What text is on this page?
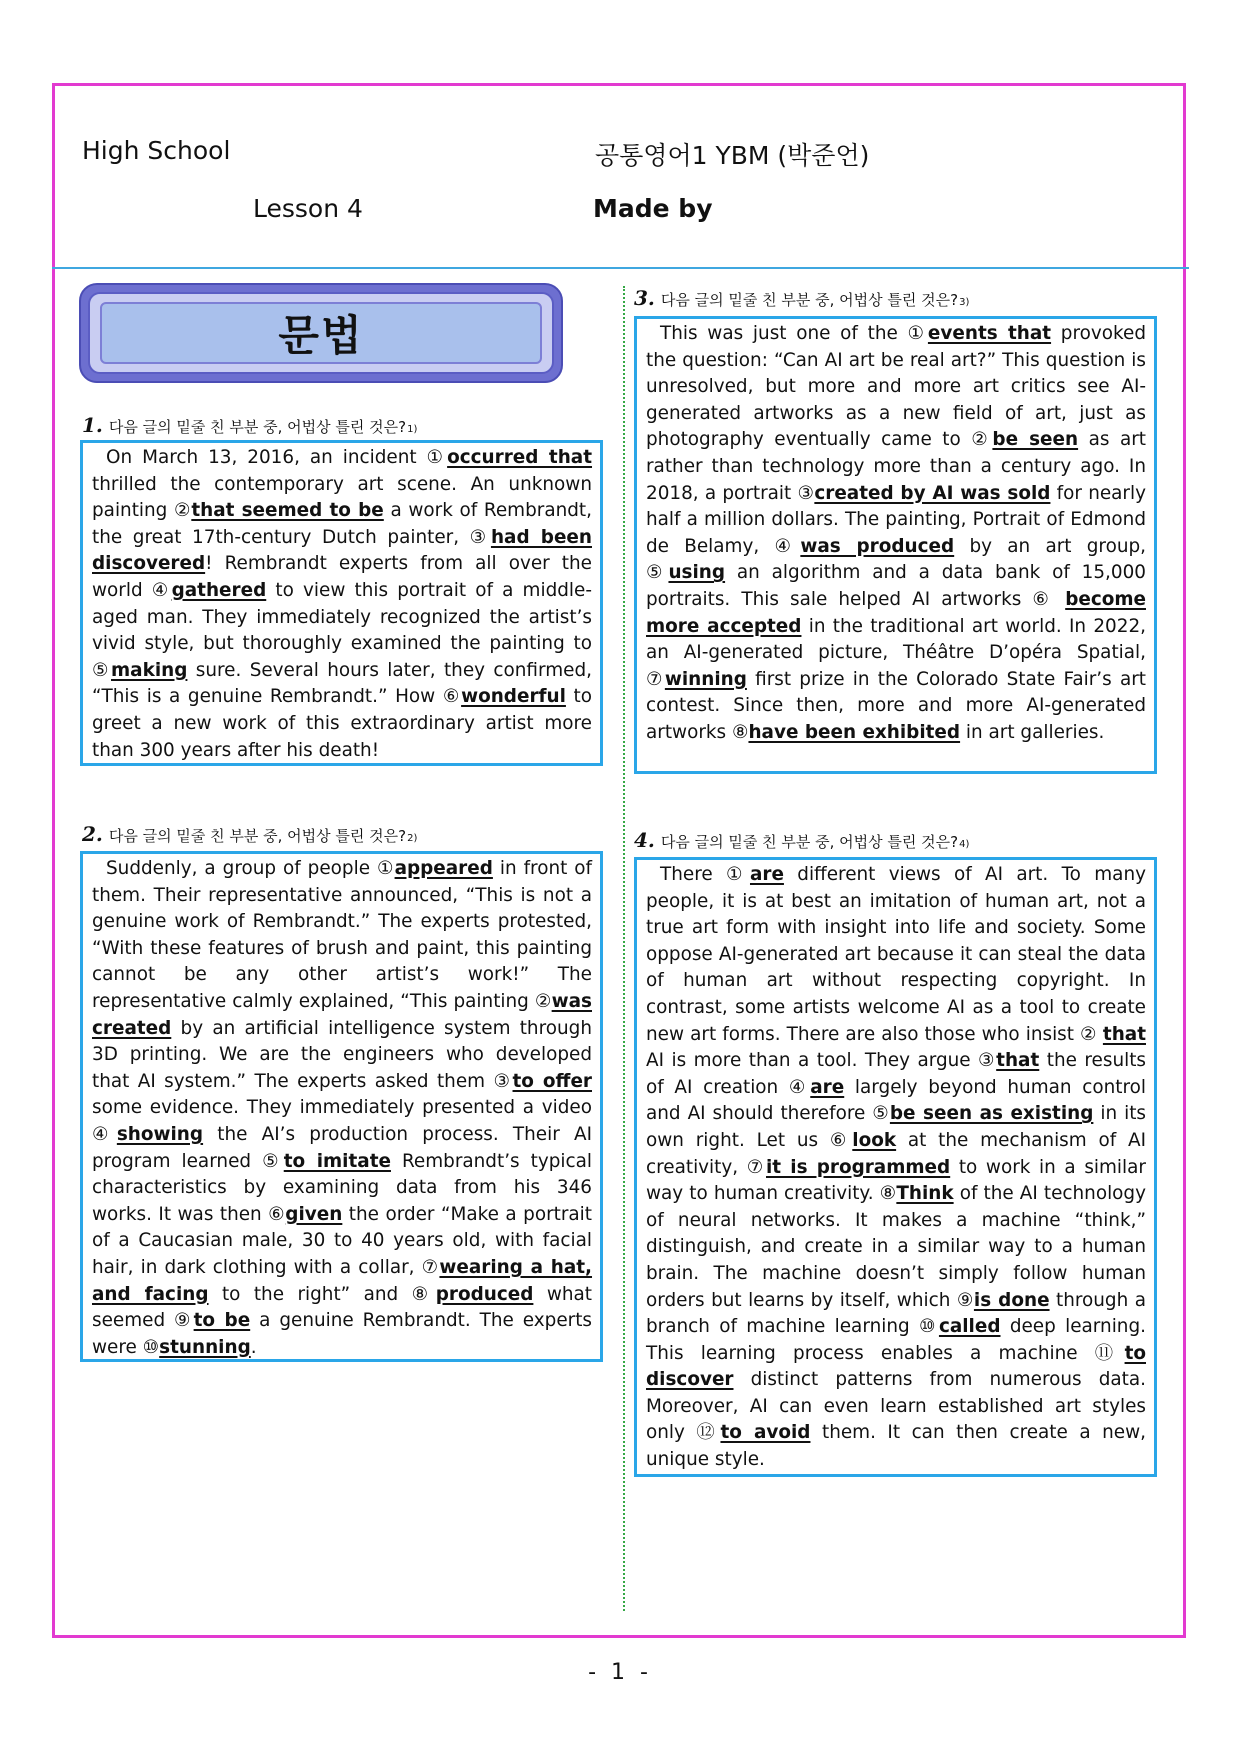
High School	공통영어1 YBM (박준언)
Lesson 4	Made by
문법
1. 다음 글의 밑줄 친 부분 중, 어법상 틀린 것은? 1)

On March 13, 2016, an incident ①occurred that thrilled the contemporary art scene. An unknown painting ②that seemed to be a work of Rembrandt, the great 17th-century Dutch painter, ③had been discovered! Rembrandt experts from all over the world ④gathered to view this portrait of a middle-aged man. They immediately recognized the artist’s vivid style, but thoroughly examined the painting to ⑤making sure. Several hours later, they confirmed, “This is a genuine Rembrandt.” How ⑥wonderful to greet a new work of this extraordinary artist more than 300 years after his death!

2. 다음 글의 밑줄 친 부분 중, 어법상 틀린 것은? 2)

Suddenly, a group of people ①appeared in front of them. Their representative announced, “This is not a genuine work of Rembrandt.” The experts protested, “With these features of brush and paint, this painting cannot be any other artist’s work!” The representative calmly explained, “This painting ②was created by an artificial intelligence system through 3D printing. We are the engineers who developed that AI system.” The experts asked them ③to offer some evidence. They immediately presented a video ④showing the AI’s production process. Their AI program learned ⑤to imitate Rembrandt’s typical characteristics by examining data from his 346 works. It was then ⑥given the order “Make a portrait of a Caucasian male, 30 to 40 years old, with facial hair, in dark clothing with a collar, ⑦wearing a hat, and facing to the right” and ⑧produced what seemed ⑨to be a genuine Rembrandt. The experts were ⑩stunning.

3. 다음 글의 밑줄 친 부분 중, 어법상 틀린 것은? 3)

This was just one of the ①events that provoked the question: “Can AI art be real art?” This question is unresolved, but more and more art critics see AI-generated artworks as a new field of art, just as photography eventually came to ②be seen as art rather than technology more than a century ago. In 2018, a portrait ③created by AI was sold for nearly half a million dollars. The painting, Portrait of Edmond de Belamy, ④was produced by an art group, ⑤using an algorithm and a data bank of 15,000 portraits. This sale helped AI artworks ⑥ become more accepted in the traditional art world. In 2022, an AI-generated picture, Théâtre D’opéra Spatial, ⑦winning first prize in the Colorado State Fair’s art contest. Since then, more and more AI-generated artworks ⑧have been exhibited in art galleries.

4. 다음 글의 밑줄 친 부분 중, 어법상 틀린 것은? 4)

There ①are different views of AI art. To many people, it is at best an imitation of human art, not a true art form with insight into life and society. Some oppose AI-generated art because it can steal the data of human art without respecting copyright. In contrast, some artists welcome AI as a tool to create new art forms. There are also those who insist ② that AI is more than a tool. They argue ③that the results of AI creation ④are largely beyond human control and AI should therefore ⑤be seen as existing in its own right. Let us ⑥look at the mechanism of AI creativity, ⑦it is programmed to work in a similar way to human creativity. ⑧Think of the AI technology of neural networks. It makes a machine “think,” distinguish, and create in a similar way to a human brain. The machine doesn’t simply follow human orders but learns by itself, which ⑨is done through a branch of machine learning ⑩called deep learning. This learning process enables a machine ⑪to discover distinct patterns from numerous data. Moreover, AI can even learn established art styles only ⑫to avoid them. It can then create a new, unique style.

- 1 -
